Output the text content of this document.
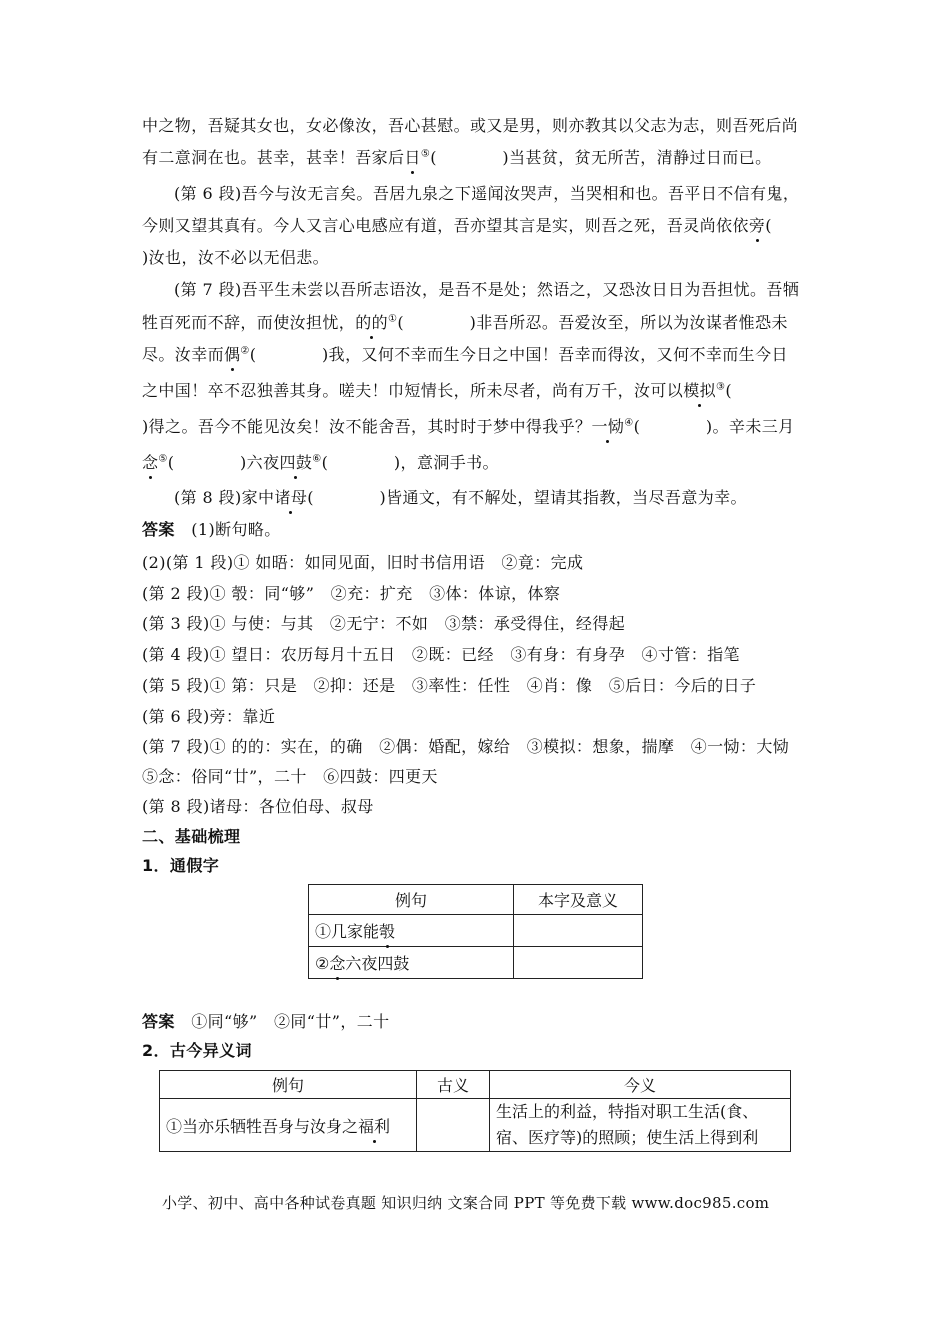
中之物，吾疑其女也，女必像汝，吾心甚慰。或又是男，则亦教其以父志为志，则吾死后尚
有二意洞在也。甚幸，甚幸！吾家后日⑤(　　　　)当甚贫，贫无所苦，清静过日而已。
(第 6 段)吾今与汝无言矣。吾居九泉之下遥闻汝哭声，当哭相和也。吾平日不信有鬼，
今则又望其真有。今人又言心电感应有道，吾亦望其言是实，则吾之死，吾灵尚依依旁(
)汝也，汝不必以无侣悲。
(第 7 段)吾平生未尝以吾所志语汝，是吾不是处；然语之，又恐汝日日为吾担忧。吾牺
牲百死而不辞，而使汝担忧，的的①(　　　　)非吾所忍。吾爱汝至，所以为汝谋者惟恐未
尽。汝幸而偶②(　　　　)我，又何不幸而生今日之中国！吾幸而得汝，又何不幸而生今日
之中国！卒不忍独善其身。嗟夫！巾短情长，所未尽者，尚有万千，汝可以模拟③(
)得之。吾今不能见汝矣！汝不能舍吾，其时时于梦中得我乎？一恸④(　　　　)。辛未三月
念⑤(　　　　)六夜四鼓⑥(　　　　)，意洞手书。
(第 8 段)家中诸母(　　　　)皆通文，有不解处，望请其指教，当尽吾意为幸。
答案　 (1)断句略。
(2)(第 1 段)① 如晤：如同见面，旧时书信用语　②竟：完成
(第 2 段)① 彀：同“够”　②充：扩充　③体：体谅，体察
(第 3 段)① 与使：与其　②无宁：不如　③禁：承受得住，经得起
(第 4 段)① 望日：农历每月十五日　②既：已经　③有身：有身孕　④寸管：指笔
(第 5 段)① 第：只是　②抑：还是　③率性：任性　④肖：像　⑤后日：今后的日子
(第 6 段)旁：靠近
(第 7 段)① 的的：实在，的确　②偶：婚配，嫁给　③模拟：想象，揣摩　④一恸：大恸
⑤念：俗同“廿”，二十　⑥四鼓：四更天
(第 8 段)诸母：各位伯母、叔母
二、基础梳理
1．通假字
例句	本字及意义
①几家能彀	
②念六夜四鼓	
答案　 ①同“够”　②同“廿”，二十
2．古今异义词
例句	古义	今义
①当亦乐牺牲吾身与汝身之福利		生活上的利益，特指对职工生活(食、
宿、医疗等)的照顾；使生活上得到利
小学、初中、高中各种试卷真题 知识归纳 文案合同 PPT 等免费下载 www.doc985.com
